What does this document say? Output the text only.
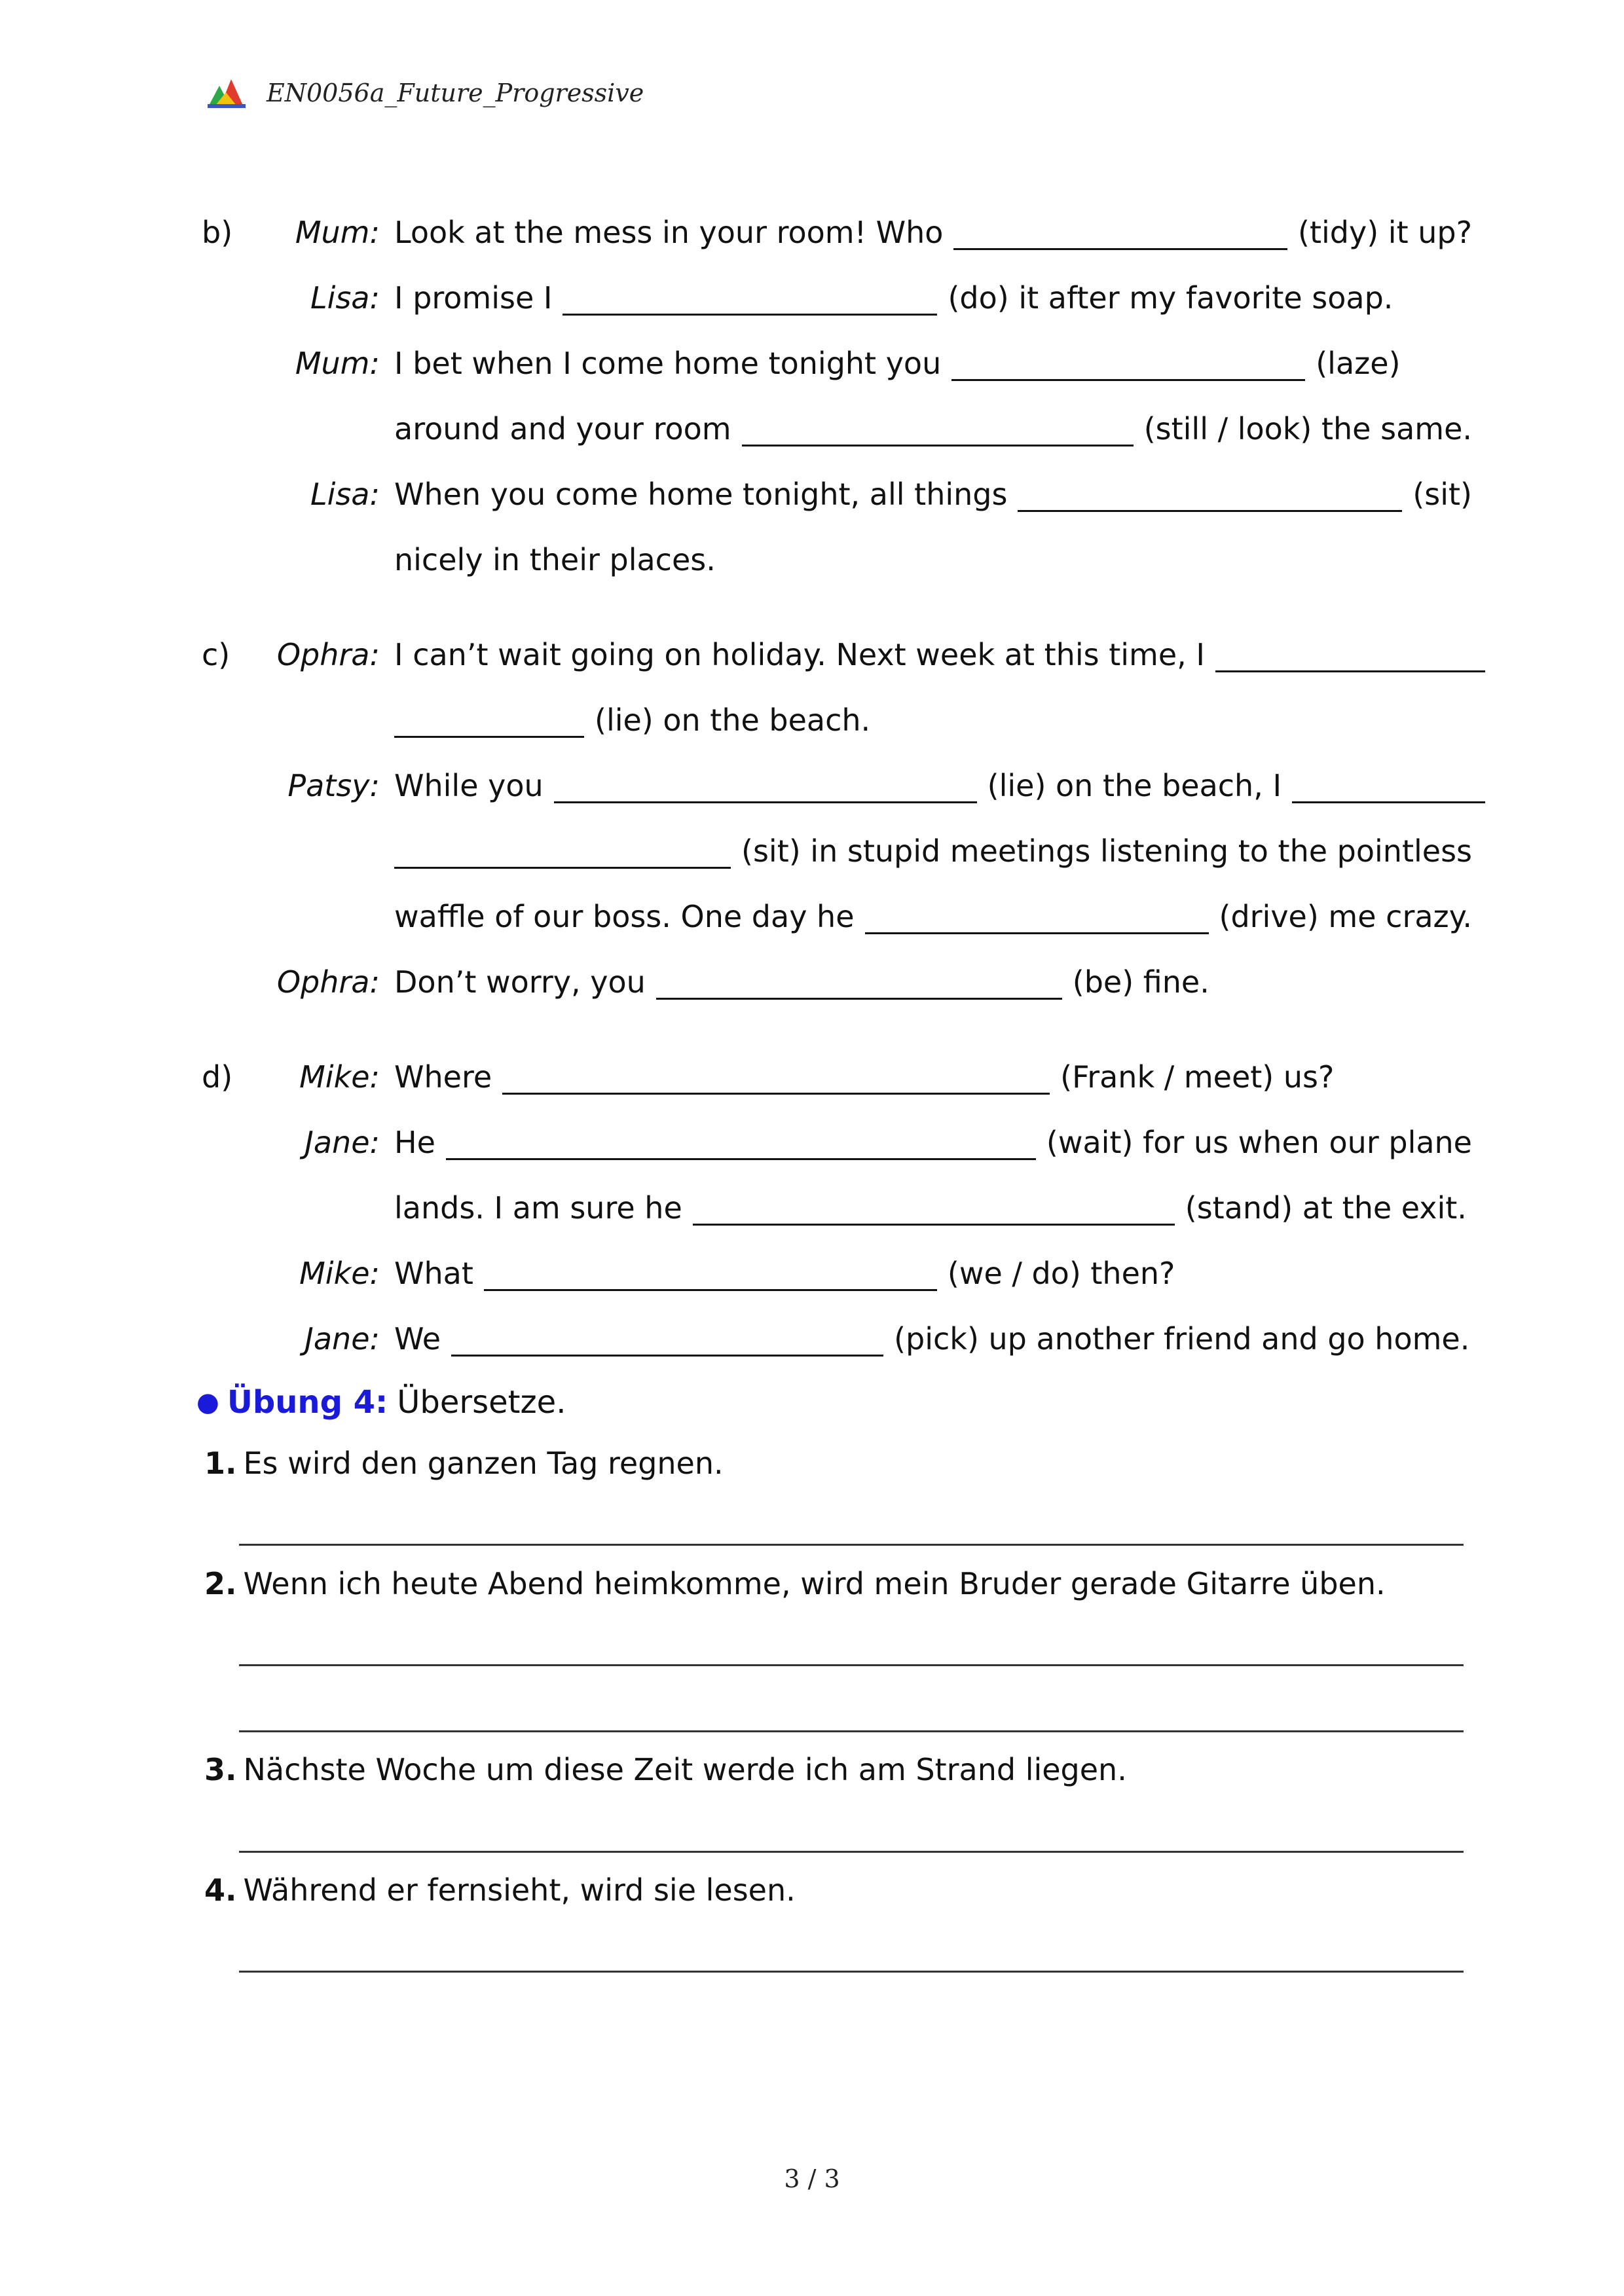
EN0056a_Future_Progressive
b) Mum: Look at the mess in your room! Who	(tidy) it up?
Lisa: I promise I	(do) it after my favorite soap.
Mum: I bet when I come home tonight you	(laze)
around and your room	(still / look) the same.
Lisa: When you come home tonight, all things	(sit)
nicely in their places.
c) Ophra: I can’t wait going on holiday. Next week at this time, I
(lie) on the beach.
Patsy: While you	(lie) on the beach, I
(sit) in stupid meetings listening to the pointless
waffle of our boss. One day he	(drive) me crazy.
Ophra: Don’t worry, you	(be) fine.
d) Mike: Where	(Frank / meet) us?
Jane: He	(wait) for us when our plane
lands. I am sure he	(stand) at the exit.
Mike: What	(we / do) then?
Jane: We	(pick) up another friend and go home.
● Übung 4: Übersetze.
1. Es wird den ganzen Tag regnen.
2. Wenn ich heute Abend heimkomme, wird mein Bruder gerade Gitarre üben.
3. Nächste Woche um diese Zeit werde ich am Strand liegen.
4. Während er fernsieht, wird sie lesen.
3 / 3
